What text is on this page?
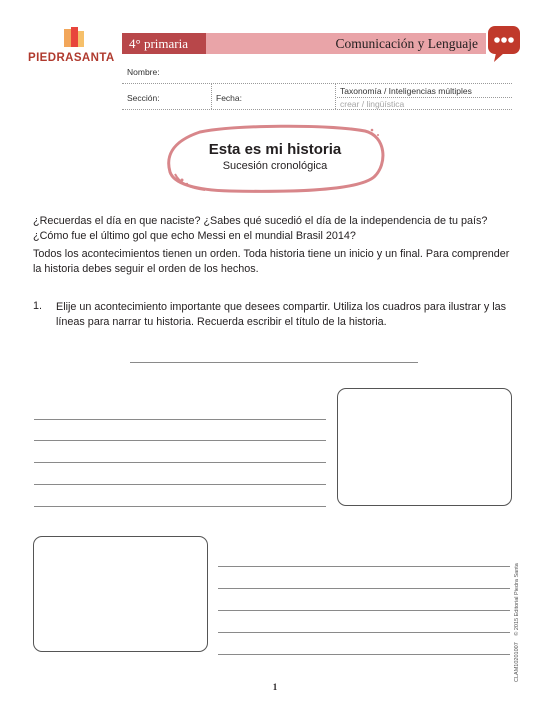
PIEDRASANTA
4° primaria	Comunicación y Lenguaje
Nombre:
Sección:	Fecha:
Taxonomía / Inteligencias múltiples
crear / lingüística
Esta es mi historia
Sucesión cronológica
¿Recuerdas el día en que naciste? ¿Sabes qué sucedió el día de la independencia de tu país? ¿Cómo fue el último gol que echo Messi en el mundial Brasil 2014?
Todos los acontecimientos tienen un orden. Toda historia tiene un inicio y un final. Para comprender la historia debes seguir el orden de los hechos.
1. Elije un acontecimiento importante que desees compartir. Utiliza los cuadros para ilustrar y las líneas para narrar tu historia. Recuerda escribir el título de la historia.
1
CLAM10201007 © 2015 Editorial Piedra Santa
